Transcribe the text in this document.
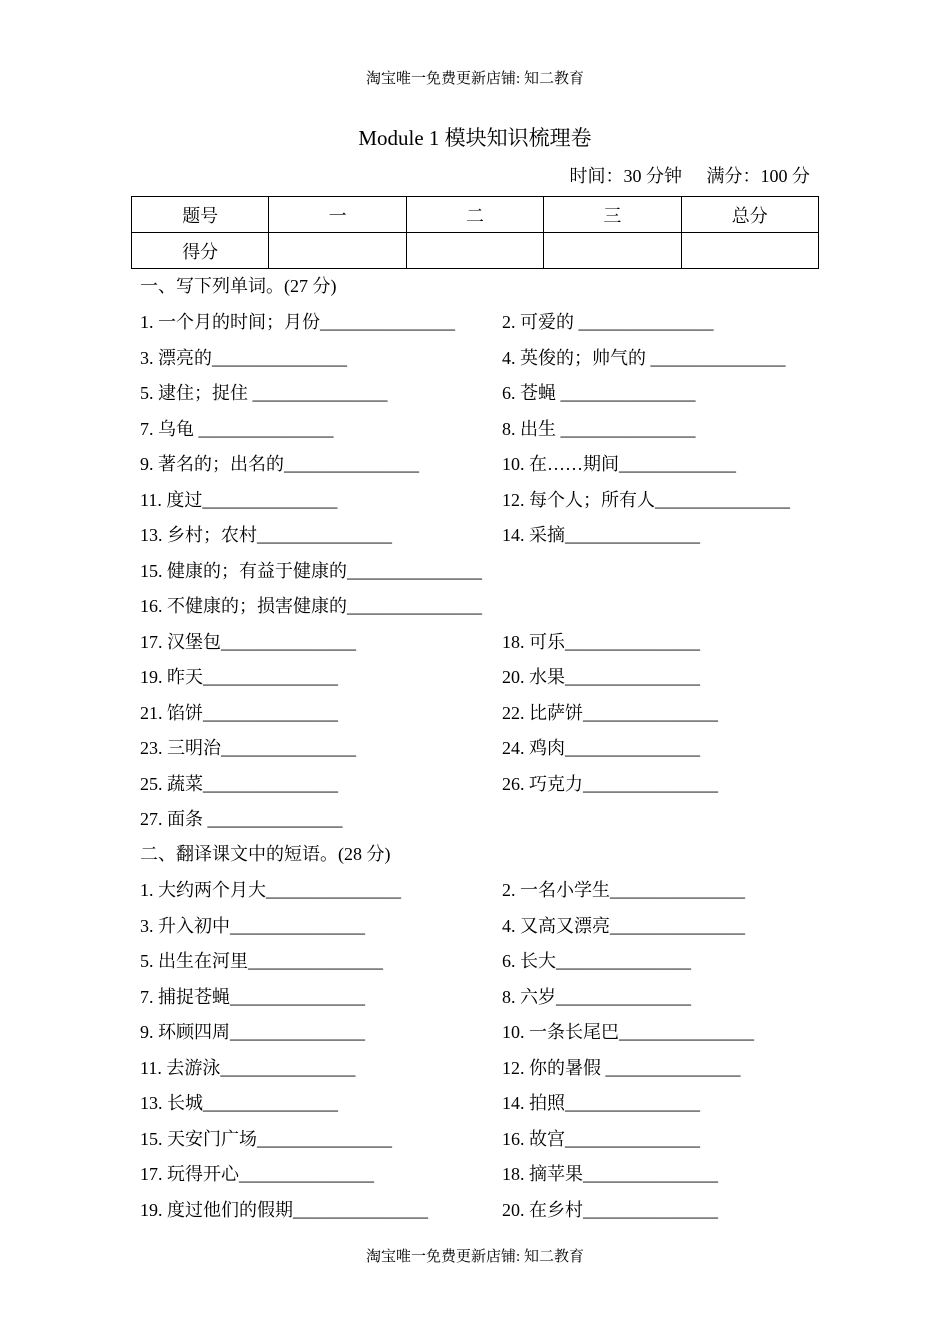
淘宝唯一免费更新店铺: 知二教育
Module 1 模块知识梳理卷
时间：30 分钟 满分：100 分
题号	一	二	三	总分
得分				
一、写下列单词。(27 分)
1. 一个月的时间；月份_______________	2. 可爱的 _______________
3. 漂亮的_______________	4. 英俊的；帅气的 _______________
5. 逮住；捉住 _______________	6. 苍蝇 _______________
7. 乌龟 _______________	8. 出生 _______________
9. 著名的；出名的_______________	10. 在……期间_____________
11. 度过_______________	12. 每个人；所有人_______________
13. 乡村；农村_______________	14. 采摘_______________
15. 健康的；有益于健康的_______________
16. 不健康的；损害健康的_______________
17. 汉堡包_______________	18. 可乐_______________
19. 昨天_______________	20. 水果_______________
21. 馅饼_______________	22. 比萨饼_______________
23. 三明治_______________	24. 鸡肉_______________
25. 蔬菜_______________	26. 巧克力_______________
27. 面条 _______________
二、翻译课文中的短语。(28 分)
1. 大约两个月大_______________	2. 一名小学生_______________
3. 升入初中_______________	4. 又高又漂亮_______________
5. 出生在河里_______________	6. 长大_______________
7. 捕捉苍蝇_______________	8. 六岁_______________
9. 环顾四周_______________	10. 一条长尾巴_______________
11. 去游泳_______________	12. 你的暑假 _______________
13. 长城_______________	14. 拍照_______________
15. 天安门广场_______________	16. 故宫_______________
17. 玩得开心_______________	18. 摘苹果_______________
19. 度过他们的假期_______________	20. 在乡村_______________
淘宝唯一免费更新店铺: 知二教育
